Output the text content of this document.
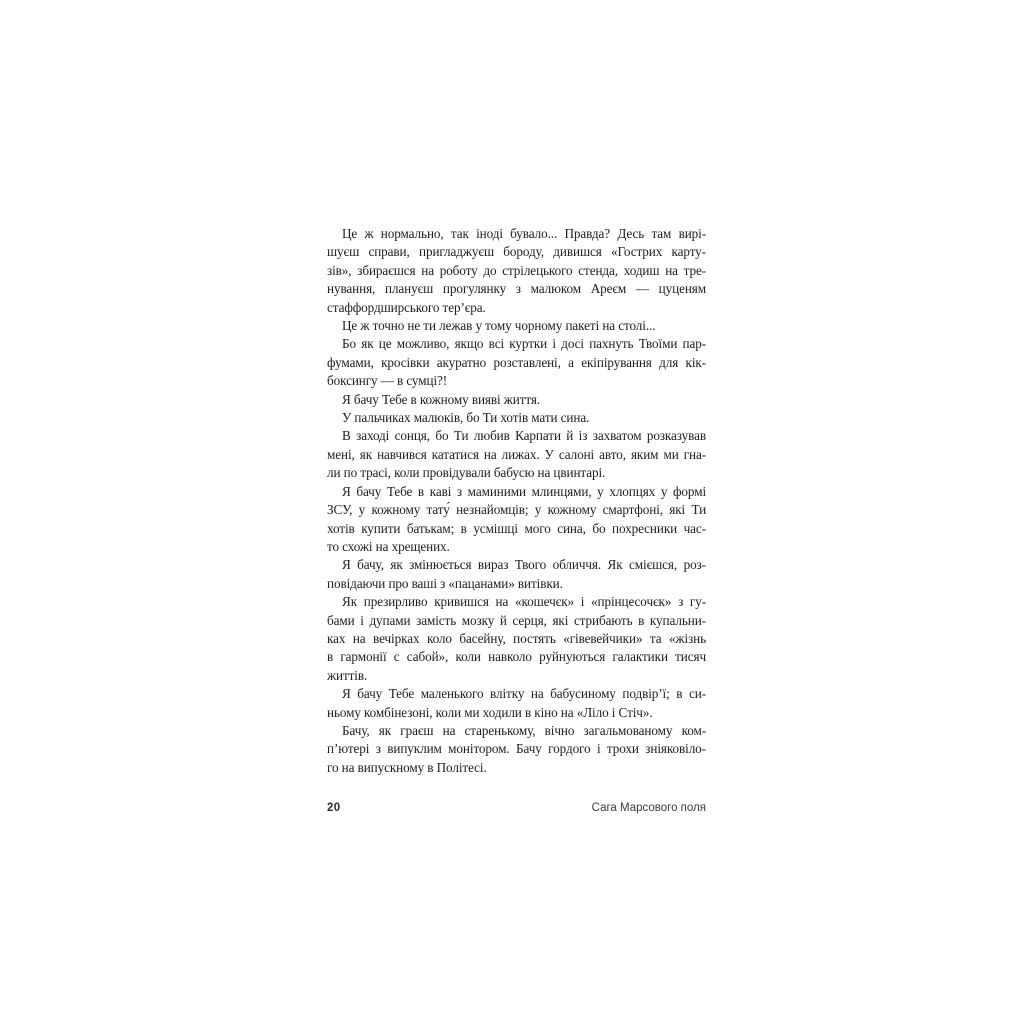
Це ж нормально, так іноді бувало... Правда? Десь там вирі-
шуєш справи, пригладжуєш бороду, дивишся «Гострих карту-
зів», збираєшся на роботу до стрілецького стенда, ходиш на тре-
нування, плануєш прогулянку з малюком Ареєм — цуценям
стаффордширського тер’єра.
Це ж точно не ти лежав у тому чорному пакеті на столі...
Бо як це можливо, якщо всі куртки і досі пахнуть Твоїми пар-
фумами, кросівки акуратно розставлені, а екіпірування для кік-
боксингу — в сумці?!
Я бачу Тебе в кожному вияві життя.
У пальчиках малюків, бо Ти хотів мати сина.
В заході сонця, бо Ти любив Карпати й із захватом розказував
мені, як навчився кататися на лижах. У салоні авто, яким ми гна-
ли по трасі, коли провідували бабусю на цвинтарі.
Я бачу Тебе в каві з маминими млинцями, у хлопцях у формі
ЗСУ, у кожному тату́ незнайомців; у кожному смартфоні, які Ти
хотів купити батькам; в усмішці мого сина, бо похресники час-
то схожі на хрещених.
Я бачу, як змінюється вираз Твого обличчя. Як смієшся, роз-
повідаючи про ваші з «пацанами» витівки.
Як презирливо кривишся на «кошечєк» і «прінцесочєк» з гу-
бами і дупами замість мозку й серця, які стрибають в купальни-
ках на вечірках коло басейну, постять «гівевейчики» та «жізнь
в гармонії с сабой», коли навколо руйнуються галактики тисяч
життів.
Я бачу Тебе маленького влітку на бабусиному подвір’ї; в си-
ньому комбінезоні, коли ми ходили в кіно на «Ліло і Стіч».
Бачу, як граєш на старенькому, вічно загальмованому ком-
п’ютері з випуклим монітором. Бачу гордого і трохи зніяковіло-
го на випускному в Політесі.
20	Сага Марсового поля
